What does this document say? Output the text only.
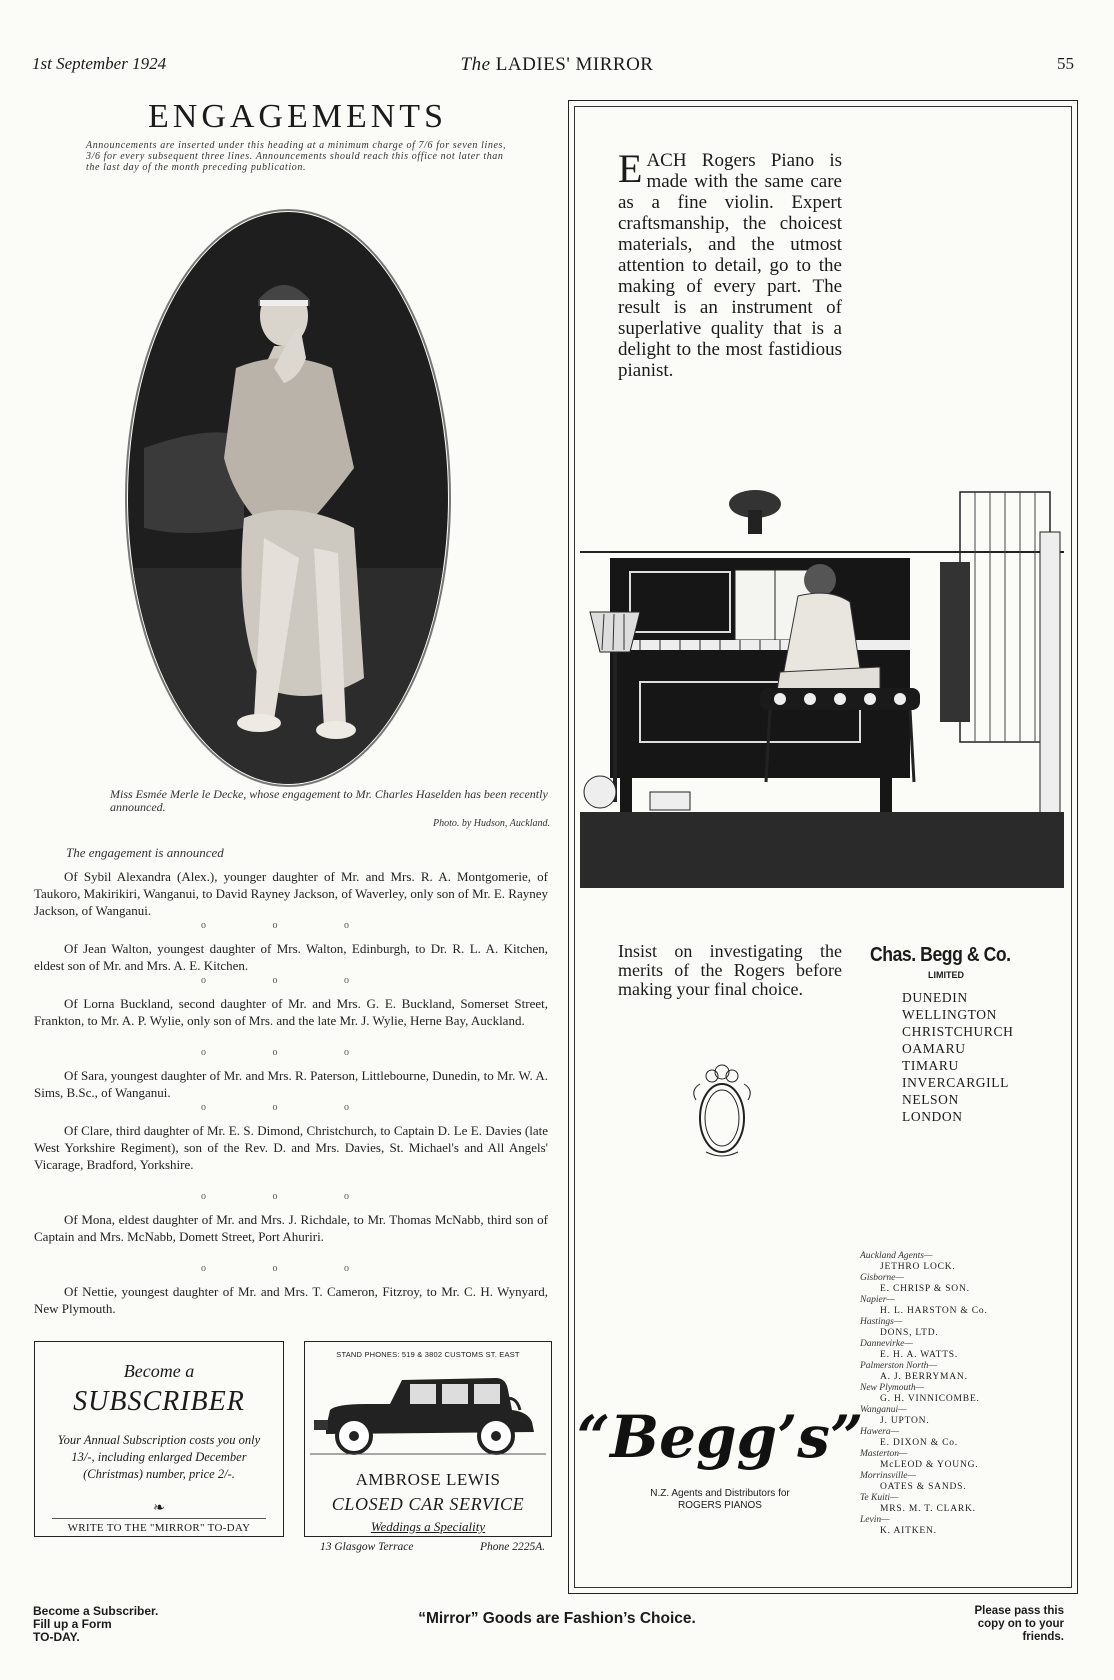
1st September 1924	The LADIES' MIRROR	55
ENGAGEMENTS
Announcements are inserted under this heading at a minimum charge of 7/6 for seven lines, 3/6 for every subsequent three lines. Announcements should reach this office not later than the last day of the month preceding publication.
Miss Esmée Merle le Decke, whose engagement to Mr. Charles Haselden has been recently announced.
Photo. by Hudson, Auckland.
The engagement is announced
Of Sybil Alexandra (Alex.), younger daughter of Mr. and Mrs. R. A. Montgomerie, of Taukoro, Makirikiri, Wanganui, to David Rayney Jackson, of Waverley, only son of Mr. E. Rayney Jackson, of Wanganui.
o o o
Of Jean Walton, youngest daughter of Mrs. Walton, Edinburgh, to Dr. R. L. A. Kitchen, eldest son of Mr. and Mrs. A. E. Kitchen.
o o o
Of Lorna Buckland, second daughter of Mr. and Mrs. G. E. Buckland, Somerset Street, Frankton, to Mr. A. P. Wylie, only son of Mrs. and the late Mr. J. Wylie, Herne Bay, Auckland.
o o o
Of Sara, youngest daughter of Mr. and Mrs. R. Paterson, Littlebourne, Dunedin, to Mr. W. A. Sims, B.Sc., of Wanganui.
o o o
Of Clare, third daughter of Mr. E. S. Dimond, Christchurch, to Captain D. Le E. Davies (late West Yorkshire Regiment), son of the Rev. D. and Mrs. Davies, St. Michael's and All Angels' Vicarage, Bradford, Yorkshire.
o o o
Of Mona, eldest daughter of Mr. and Mrs. J. Richdale, to Mr. Thomas McNabb, third son of Captain and Mrs. McNabb, Domett Street, Port Ahuriri.
o o o
Of Nettie, youngest daughter of Mr. and Mrs. T. Cameron, Fitzroy, to Mr. C. H. Wynyard, New Plymouth.
Become a
SUBSCRIBER
Your Annual Subscription costs you only 13/-, including enlarged December (Christmas) number, price 2/-.
❧
WRITE TO THE "MIRROR" TO-DAY
STAND PHONES: 519 & 3802 CUSTOMS ST. EAST
AMBROSE LEWIS
CLOSED CAR SERVICE
Weddings a Speciality
13 Glasgow Terrace	Phone 2225A.
EACH Rogers Piano is made with the same care as a fine violin. Expert craftsmanship, the choicest materials, and the utmost attention to detail, go to the making of every part. The result is an instrument of superlative quality that is a delight to the most fastidious pianist.
Insist on investigating the merits of the Rogers before making your final choice.
Chas. Begg & Co.
LIMITED
DUNEDIN
WELLINGTON
CHRISTCHURCH
OAMARU
TIMARU
INVERCARGILL
NELSON
LONDON
Auckland Agents—
JETHRO LOCK.
Gisborne—
E. CHRISP & SON.
Napier—
H. L. HARSTON & Co.
Hastings—
DONS, LTD.
Dannevirke—
E. H. A. WATTS.
Palmerston North—
A. J. BERRYMAN.
New Plymouth—
G. H. VINNICOMBE.
Wanganui—
J. UPTON.
Hawera—
E. DIXON & Co.
Masterton—
McLEOD & YOUNG.
Morrinsville—
OATES & SANDS.
Te Kuiti—
MRS. M. T. CLARK.
Levin—
K. AITKEN.
“Begg’s”
N.Z. Agents and Distributors for
ROGERS PIANOS
Become a Subscriber.
Fill up a Form
TO-DAY.
“Mirror” Goods are Fashion’s Choice.	Please pass this
copy on to your
friends.
